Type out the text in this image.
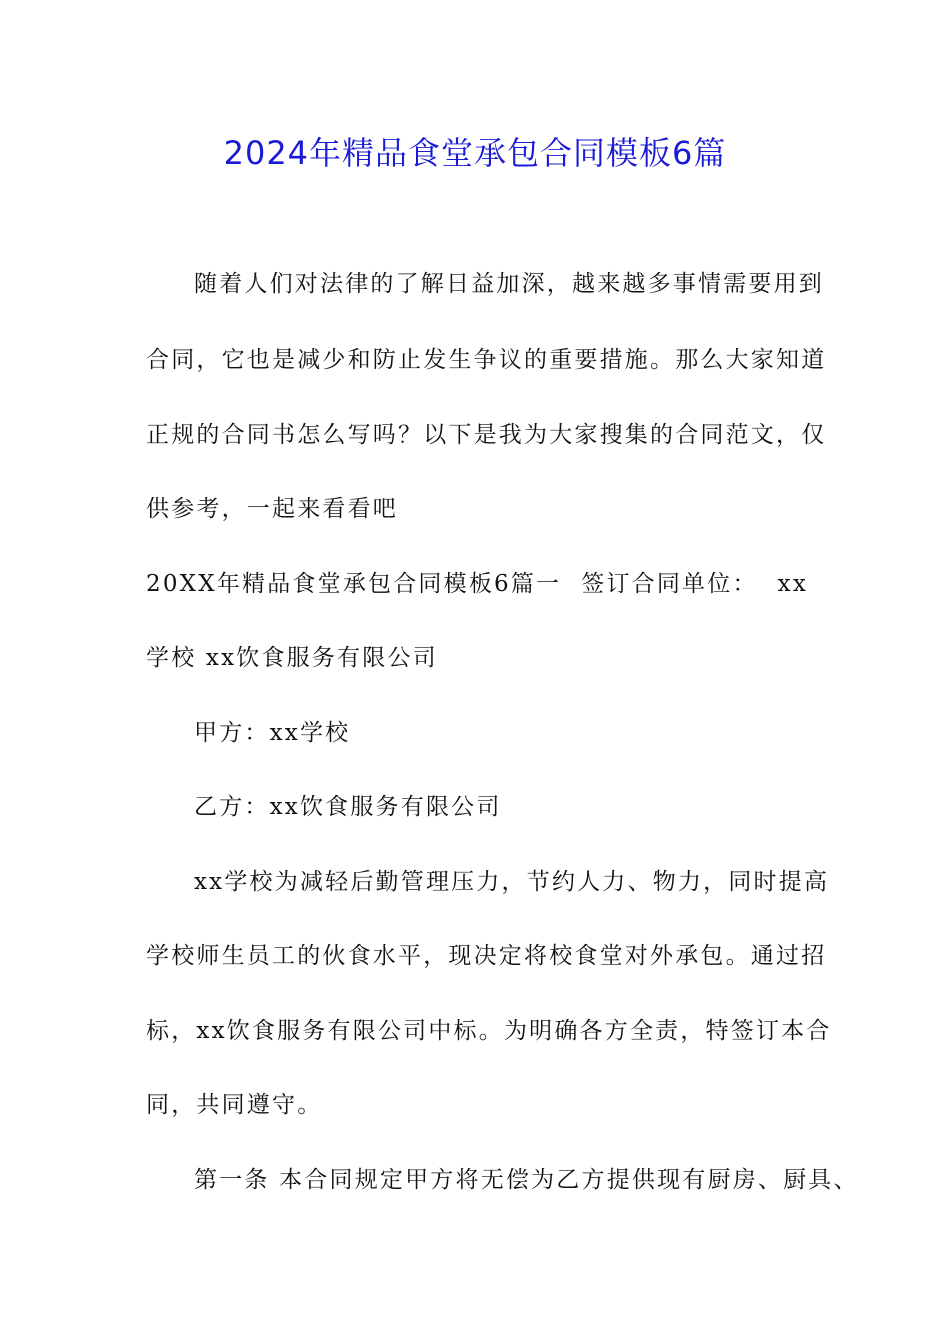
2024年精品食堂承包合同模板6篇
随着人们对法律的了解日益加深，越来越多事情需要用到
合同，它也是减少和防止发生争议的重要措施。那么大家知道
正规的合同书怎么写吗？以下是我为大家搜集的合同范文，仅
供参考，一起来看看吧
20XX年精品食堂承包合同模板6篇一 签订合同单位： xx
学校 xx饮食服务有限公司
甲方：xx学校
乙方：xx饮食服务有限公司
xx学校为减轻后勤管理压力，节约人力、物力，同时提高
学校师生员工的伙食水平，现决定将校食堂对外承包。通过招
标，xx饮食服务有限公司中标。为明确各方全责，特签订本合
同，共同遵守。
第一条 本合同规定甲方将无偿为乙方提供现有厨房、厨具、
